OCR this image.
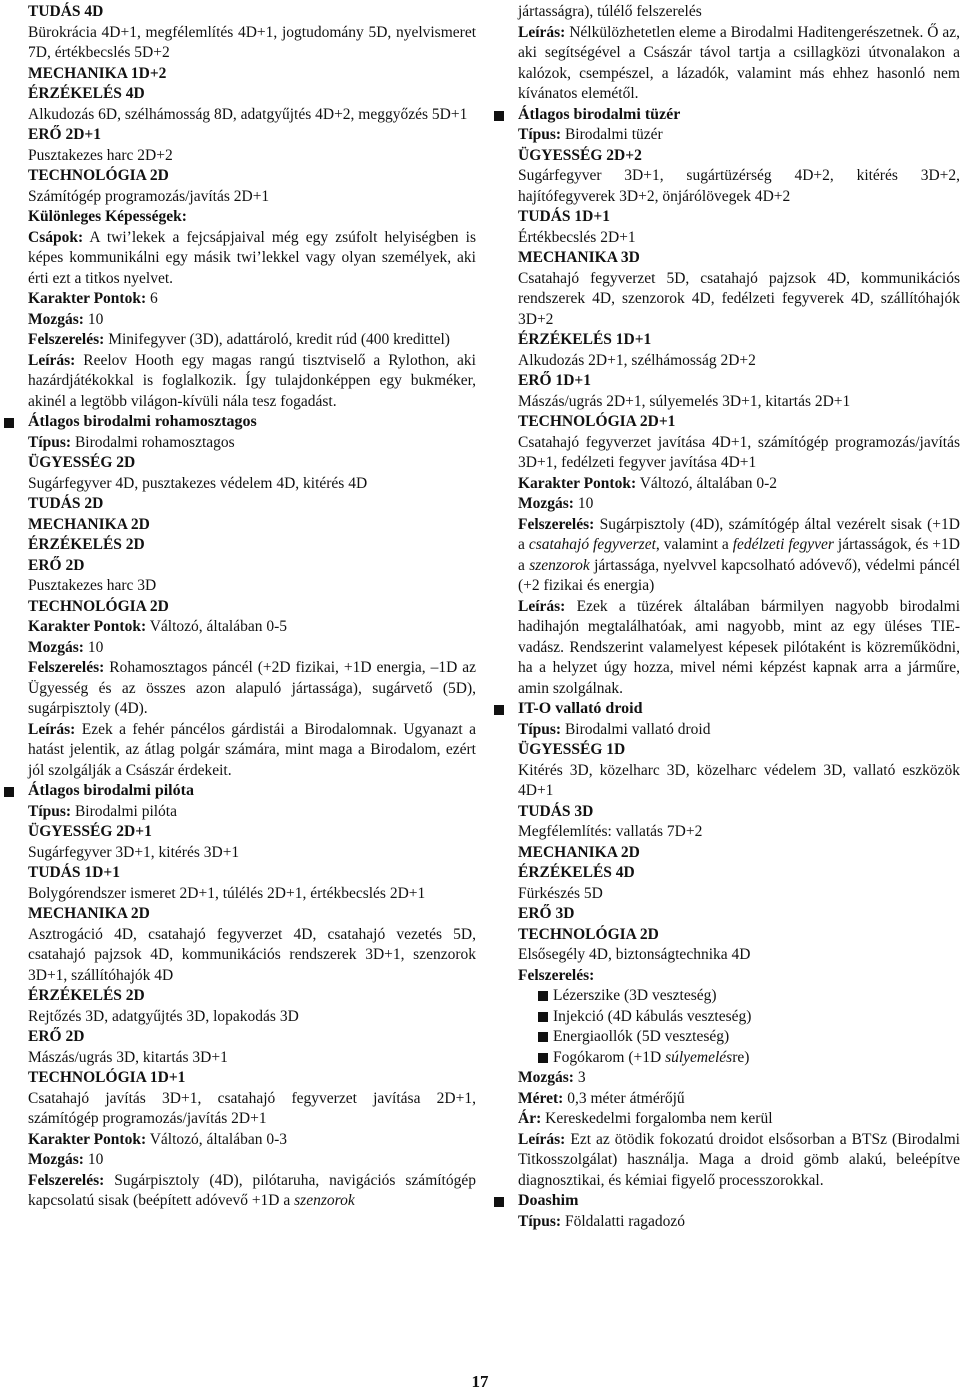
TUDÁS 4D

Bürokrácia 4D+1, megfélemlítés 4D+1, jogtudomány 5D, nyelvismeret 7D, értékbecslés 5D+2

MECHANIKA 1D+2

ÉRZÉKELÉS 4D

Alkudozás 6D, szélhámosság 8D, adatgyűjtés 4D+2, meggyőzés 5D+1

ERŐ 2D+1

Pusztakezes harc 2D+2

TECHNOLÓGIA 2D

Számítógép programozás/javítás 2D+1

Különleges Képességek:

Csápok: A twi’lekek a fejcsápjaival még egy zsúfolt helyiségben is képes kommunikálni egy másik twi’lekkel vagy olyan személyek, aki érti ezt a titkos nyelvet.

Karakter Pontok: 6

Mozgás: 10

Felszerelés: Minifegyver (3D), adattároló, kredit rúd (400 kredittel)

Leírás: Reelov Hooth egy magas rangú tisztviselő a Rylothon, aki hazárdjátékokkal is foglalkozik. Így tulajdonképpen egy bukméker, akinél a legtöbb világon-kívüli nála tesz fogadást.

Átlagos birodalmi rohamosztagos

Típus: Birodalmi rohamosztagos

ÜGYESSÉG 2D

Sugárfegyver 4D, pusztakezes védelem 4D, kitérés 4D

TUDÁS 2D

MECHANIKA 2D

ÉRZÉKELÉS 2D

ERŐ 2D

Pusztakezes harc 3D

TECHNOLÓGIA 2D

Karakter Pontok: Változó, általában 0-5

Mozgás: 10

Felszerelés: Rohamosztagos páncél (+2D fizikai, +1D energia, –1D az Ügyesség és az összes azon alapuló jártassága), sugárvető (5D), sugárpisztoly (4D).

Leírás: Ezek a fehér páncélos gárdistái a Birodalomnak. Ugyanazt a hatást jelentik, az átlag polgár számára, mint maga a Birodalom, ezért jól szolgálják a Császár érdekeit.

Átlagos birodalmi pilóta

Típus: Birodalmi pilóta

ÜGYESSÉG 2D+1

Sugárfegyver 3D+1, kitérés 3D+1

TUDÁS 1D+1

Bolygórendszer ismeret 2D+1, túlélés 2D+1, értékbecslés 2D+1

MECHANIKA 2D

Asztrogáció 4D, csatahajó fegyverzet 4D, csatahajó vezetés 5D, csatahajó pajzsok 4D, kommunikációs rendszerek 3D+1, szenzorok 3D+1, szállítóhajók 4D

ÉRZÉKELÉS 2D

Rejtőzés 3D, adatgyűjtés 3D, lopakodás 3D

ERŐ 2D

Mászás/ugrás 3D, kitartás 3D+1

TECHNOLÓGIA 1D+1

Csatahajó javítás 3D+1, csatahajó fegyverzet javítása 2D+1, számítógép programozás/javítás 2D+1

Karakter Pontok: Változó, általában 0-3

Mozgás: 10

Felszerelés: Sugárpisztoly (4D), pilótaruha, navigációs számítógép kapcsolatú sisak (beépített adóvevő +1D a szenzorok

jártasságra), túlélő felszerelés

Leírás: Nélkülözhetetlen eleme a Birodalmi Haditengerészetnek. Ő az, aki segítségével a Császár távol tartja a csillagközi útvonalakon a kalózok, csempészel, a lázadók, valamint más ehhez hasonló nem kívánatos elemétől.

Átlagos birodalmi tüzér

Típus: Birodalmi tüzér

ÜGYESSÉG 2D+2

Sugárfegyver 3D+1, sugártüzérség 4D+2, kitérés 3D+2, hajítófegyverek 3D+2, önjárólövegek 4D+2

TUDÁS 1D+1

Értékbecslés 2D+1

MECHANIKA 3D

Csatahajó fegyverzet 5D, csatahajó pajzsok 4D, kommunikációs rendszerek 4D, szenzorok 4D, fedélzeti fegyverek 4D, szállítóhajók 3D+2

ÉRZÉKELÉS 1D+1

Alkudozás 2D+1, szélhámosság 2D+2

ERŐ 1D+1

Mászás/ugrás 2D+1, súlyemelés 3D+1, kitartás 2D+1

TECHNOLÓGIA 2D+1

Csatahajó fegyverzet javítása 4D+1, számítógép programozás/javítás 3D+1, fedélzeti fegyver javítása 4D+1

Karakter Pontok: Változó, általában 0-2

Mozgás: 10

Felszerelés: Sugárpisztoly (4D), számítógép által vezérelt sisak (+1D a csatahajó fegyverzet, valamint a fedélzeti fegyver jártasságok, és +1D a szenzorok jártassága, nyelvvel kapcsolható adóvevő), védelmi páncél (+2 fizikai és energia)

Leírás: Ezek a tüzérek általában bármilyen nagyobb birodalmi hadihajón megtalálhatóak, ami nagyobb, mint az egy üléses TIE-vadász. Rendszerint valamelyest képesek pilótaként is közreműködni, ha a helyzet úgy hozza, mivel némi képzést kapnak arra a járműre, amin szolgálnak.

IT-O vallató droid

Típus: Birodalmi vallató droid

ÜGYESSÉG 1D

Kitérés 3D, közelharc 3D, közelharc védelem 3D, vallató eszközök 4D+1

TUDÁS 3D

Megfélemlítés: vallatás 7D+2

MECHANIKA 2D

ÉRZÉKELÉS 4D

Fürkészés 5D

ERŐ 3D

TECHNOLÓGIA 2D

Elsősegély 4D, biztonságtechnika 4D

Felszerelés:

Lézerszike (3D veszteség)
Injekció (4D kábulás veszteség)
Energiaollók (5D veszteség)
Fogókarom (+1D súlyemelésre)

Mozgás: 3

Méret: 0,3 méter átmérőjű

Ár: Kereskedelmi forgalomba nem kerül

Leírás: Ezt az ötödik fokozatú droidot elsősorban a BTSz (Birodalmi Titkosszolgálat) használja. Maga a droid gömb alakú, beleépítve diagnosztikai, és kémiai figyelő processzorokkal.

Doashim

Típus: Földalatti ragadozó

17
